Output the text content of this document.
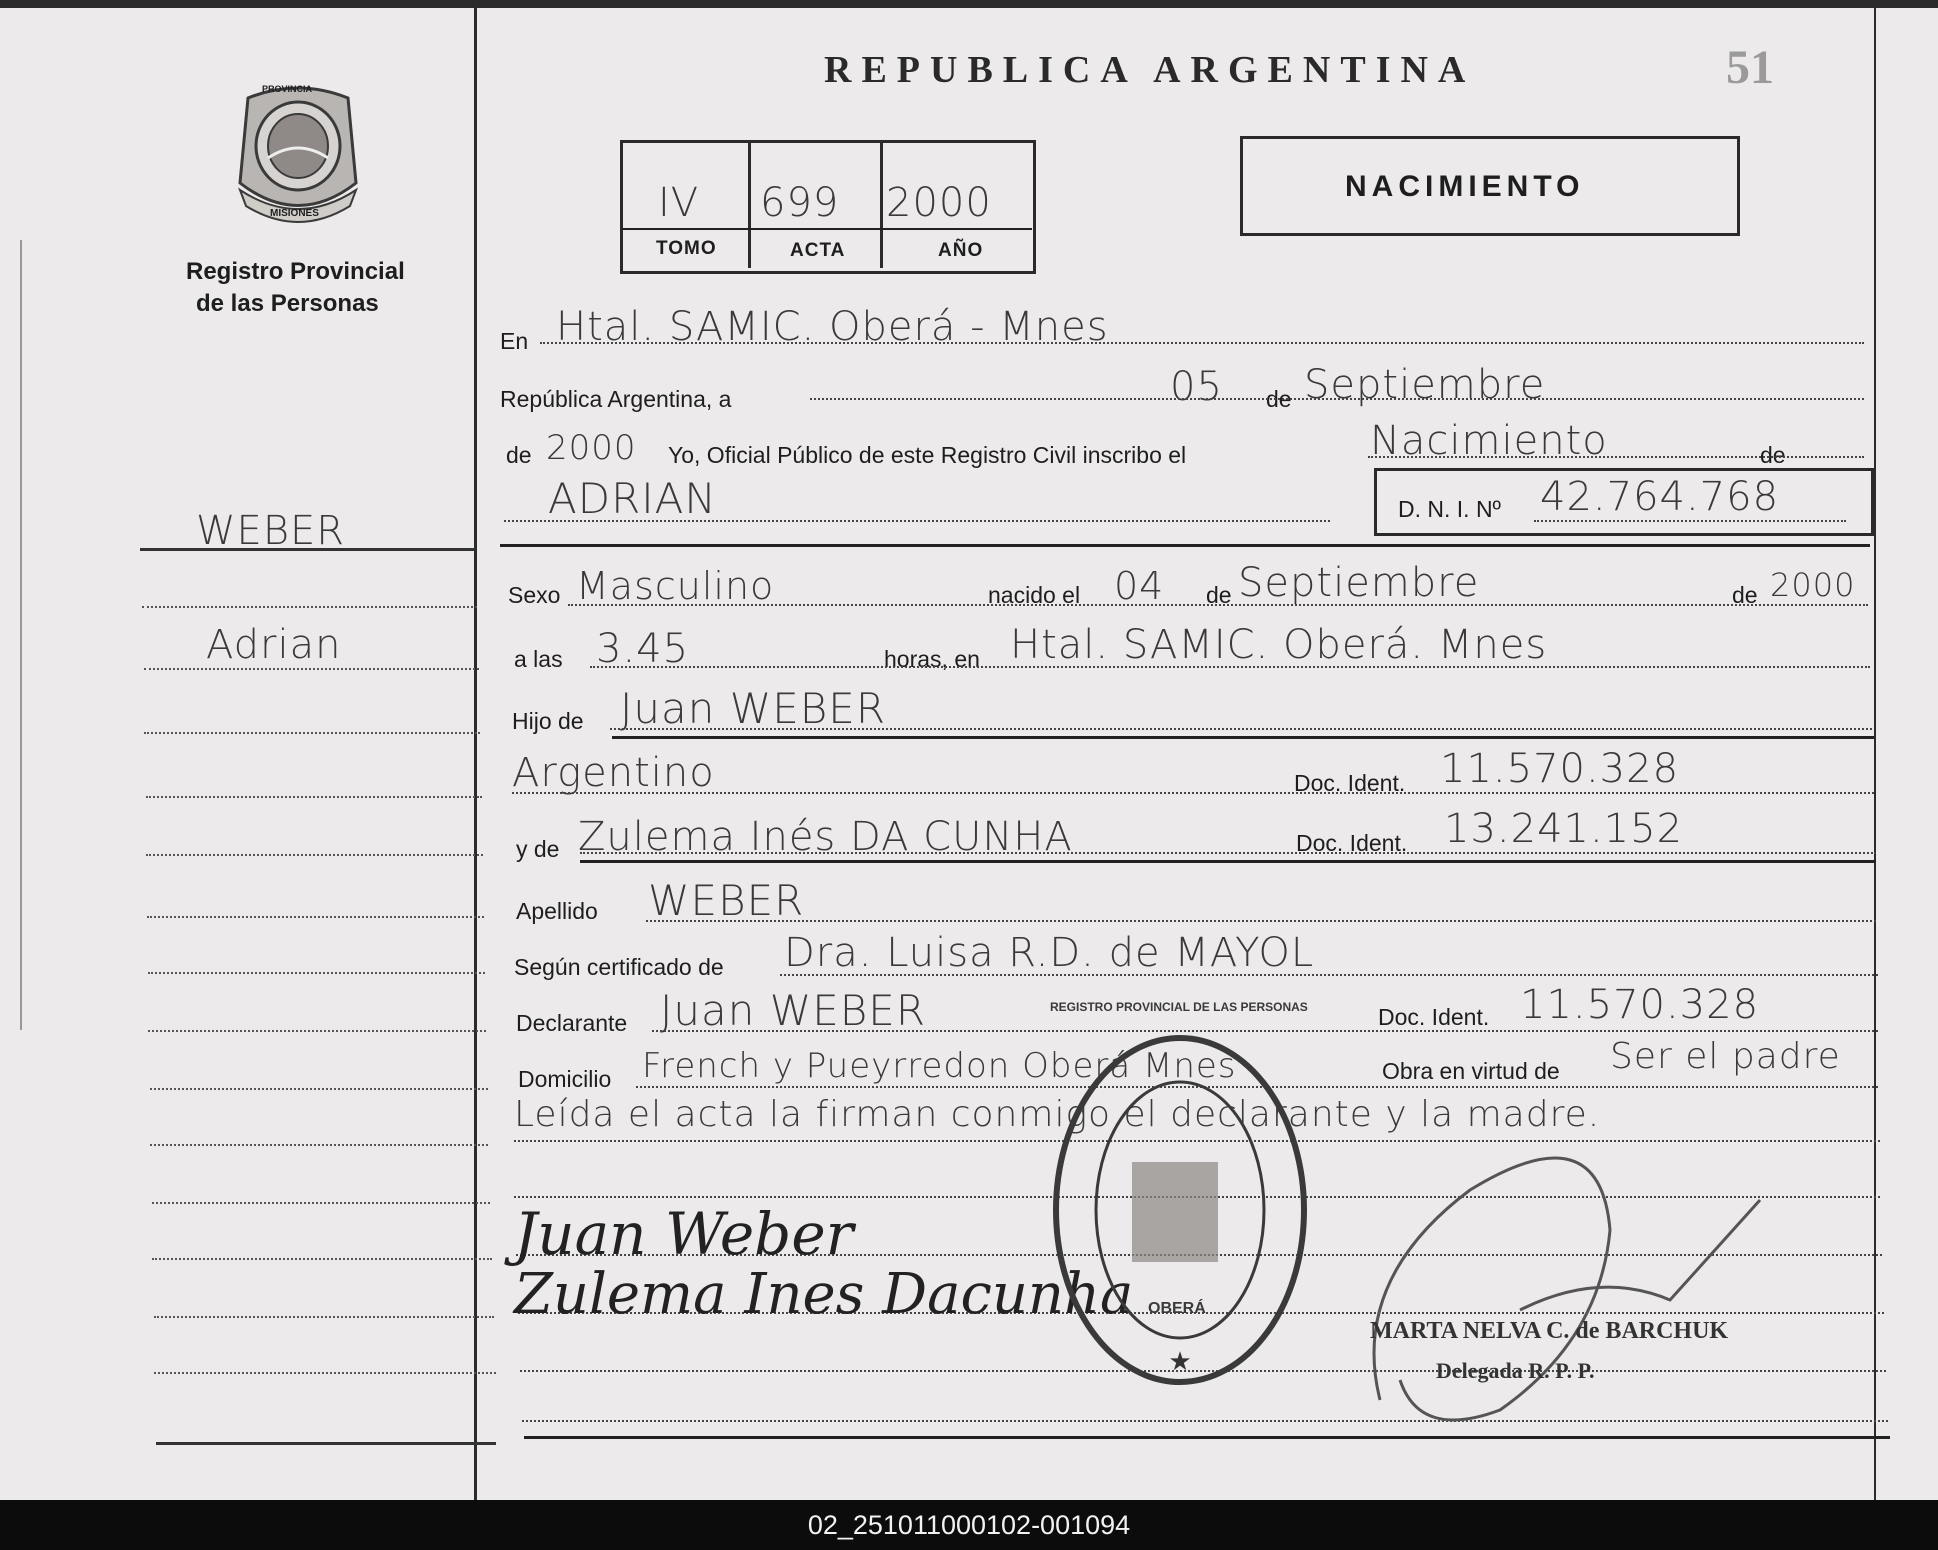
PROVINCIA
MISIONES
Registro Provincial
de las Personas
WEBER
Adrian
REPUBLICA ARGENTINA	51
IV 699 2000
TOMO	ACTA	AÑO
NACIMIENTO
En Htal. SAMIC. Oberá - Mnes
República Argentina, a	05 de Septiembre
de 2000 Yo, Oficial Público de este Registro Civil inscribo el	Nacimiento	de
ADRIAN	D. N. I. Nº 42.764.768
Sexo Masculino	nacido el 04 de Septiembre	de 2000
a las 3.45	horas, en Htal. SAMIC. Oberá. Mnes
Hijo de Juan WEBER
Argentino	Doc. Ident. 11.570.328
y de Zulema Inés DA CUNHA	Doc. Ident. 13.241.152
Apellido WEBER
Según certificado de Dra. Luisa R.D. de MAYOL
Declarante Juan WEBER	Doc. Ident. 11.570.328
Domicilio French y Pueyrredon Oberá Mnes	Obra en virtud de Ser el padre
Leída el acta la firman conmigo el declarante y la madre.
Juan Weber
Zulema Ines Dacunha
★
REGISTRO PROVINCIAL DE LAS PERSONAS
OBERÁ
MARTA NELVA C. de BARCHUK
Delegada R. P. P.
02_251011000102-001094
